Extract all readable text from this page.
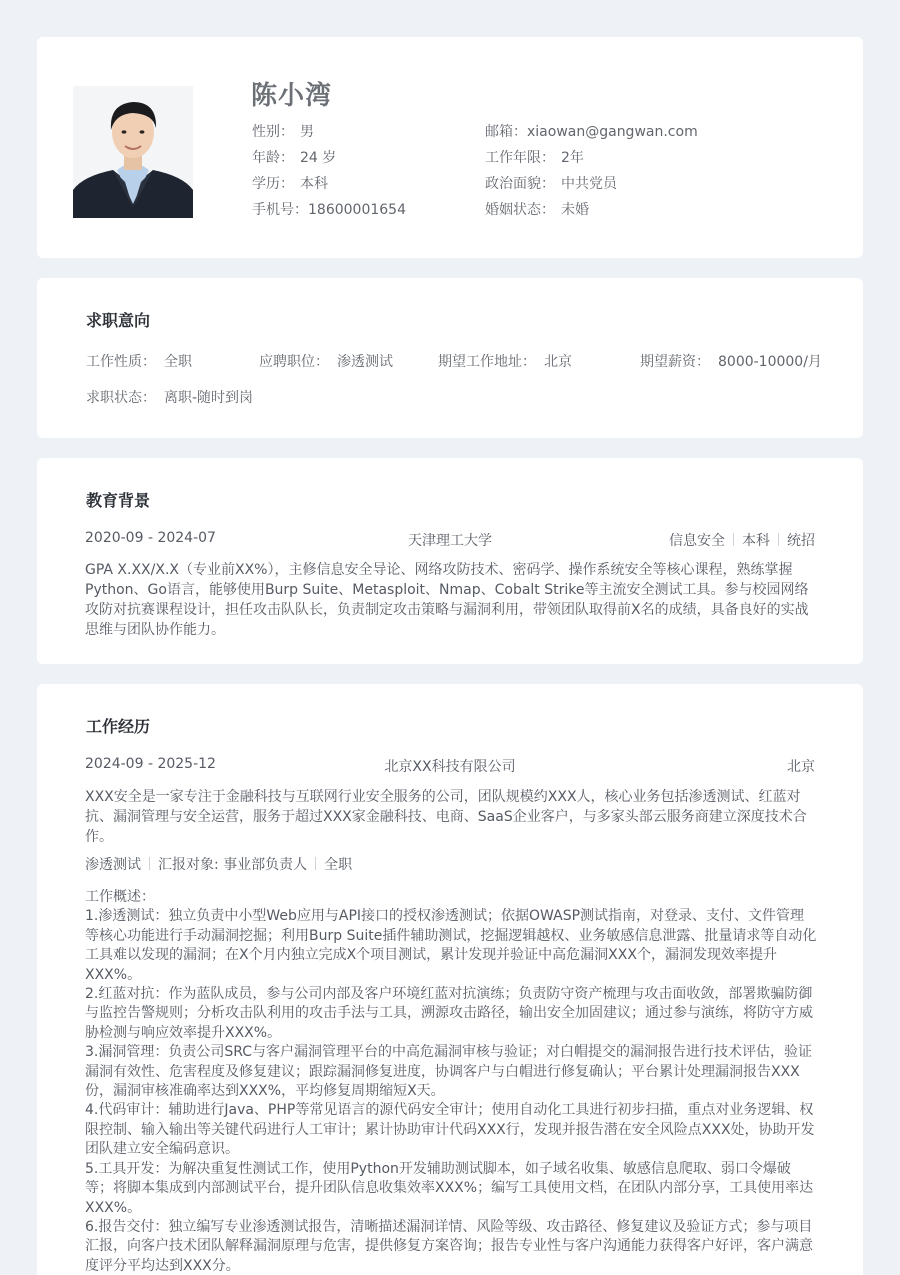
陈小湾
性别： 男
年龄： 24 岁
学历： 本科
手机号：18600001654
邮箱：xiaowan@gangwan.com
工作年限： 2年
政治面貌： 中共党员
婚姻状态： 未婚
求职意向
工作性质： 全职	应聘职位： 渗透测试	期望工作地址： 北京	期望薪资： 8000-10000/月
求职状态： 离职-随时到岗
教育背景
2020-09 - 2024-07	天津理工大学	信息安全 本科 统招
GPA X.XX/X.X（专业前XX%），主修信息安全导论、网络攻防技术、密码学、操作系统安全等核心课程，熟练掌握Python、Go语言，能够使用Burp Suite、Metasploit、Nmap、Cobalt Strike等主流安全测试工具。参与校园网络攻防对抗赛课程设计，担任攻击队队长，负责制定攻击策略与漏洞利用，带领团队取得前X名的成绩，具备良好的实战思维与团队协作能力。
工作经历
2024-09 - 2025-12	北京XX科技有限公司	北京
XXX安全是一家专注于金融科技与互联网行业安全服务的公司，团队规模约XXX人，核心业务包括渗透测试、红蓝对抗、漏洞管理与安全运营，服务于超过XXX家金融科技、电商、SaaS企业客户，与多家头部云服务商建立深度技术合作。
渗透测试 汇报对象: 事业部负责人 全职

工作概述：

1.渗透测试：独立负责中小型Web应用与API接口的授权渗透测试；依据OWASP测试指南，对登录、支付、文件管理等核心功能进行手动漏洞挖掘；利用Burp Suite插件辅助测试，挖掘逻辑越权、业务敏感信息泄露、批量请求等自动化工具难以发现的漏洞；在X个月内独立完成X个项目测试，累计发现并验证中高危漏洞XXX个，漏洞发现效率提升XXX%。

2.红蓝对抗：作为蓝队成员，参与公司内部及客户环境红蓝对抗演练；负责防守资产梳理与攻击面收敛，部署欺骗防御与监控告警规则；分析攻击队利用的攻击手法与工具，溯源攻击路径，输出安全加固建议；通过参与演练，将防守方威胁检测与响应效率提升XXX%。

3.漏洞管理：负责公司SRC与客户漏洞管理平台的中高危漏洞审核与验证；对白帽提交的漏洞报告进行技术评估，验证漏洞有效性、危害程度及修复建议；跟踪漏洞修复进度，协调客户与白帽进行修复确认；平台累计处理漏洞报告XXX份，漏洞审核准确率达到XXX%，平均修复周期缩短X天。

4.代码审计：辅助进行Java、PHP等常见语言的源代码安全审计；使用自动化工具进行初步扫描，重点对业务逻辑、权限控制、输入输出等关键代码进行人工审计；累计协助审计代码XXX行，发现并报告潜在安全风险点XXX处，协助开发团队建立安全编码意识。

5.工具开发：为解决重复性测试工作，使用Python开发辅助测试脚本，如子域名收集、敏感信息爬取、弱口令爆破等；将脚本集成到内部测试平台，提升团队信息收集效率XXX%；编写工具使用文档，在团队内部分享，工具使用率达XXX%。

6.报告交付：独立编写专业渗透测试报告，清晰描述漏洞详情、风险等级、攻击路径、修复建议及验证方式；参与项目汇报，向客户技术团队解释漏洞原理与危害，提供修复方案咨询；报告专业性与客户沟通能力获得客户好评，客户满意度评分平均达到XXX分。
